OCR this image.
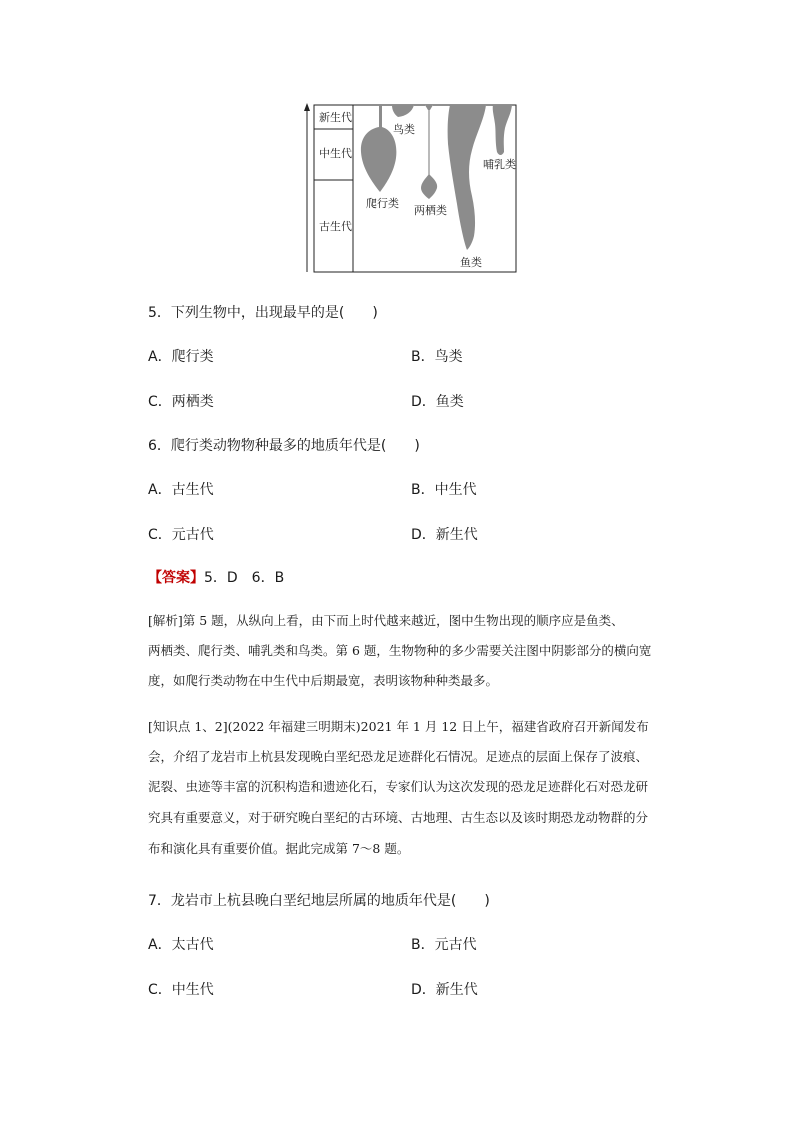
新生代
中生代
古生代
鸟类
爬行类
两栖类
哺乳类
鱼类
5．下列生物中，出现最早的是(　　)
A．爬行类	B．鸟类
C．两栖类	D．鱼类
6．爬行类动物物种最多的地质年代是(　　)
A．古生代	B．中生代
C．元古代	D．新生代
【答案】5．D　6．B
[解析]第 5 题，从纵向上看，由下而上时代越来越近，图中生物出现的顺序应是鱼类、
两栖类、爬行类、哺乳类和鸟类。第 6 题，生物物种的多少需要关注图中阴影部分的横向宽
度，如爬行类动物在中生代中后期最宽，表明该物种种类最多。
[知识点 1、2](2022 年福建三明期末)2021 年 1 月 12 日上午，福建省政府召开新闻发布
会，介绍了龙岩市上杭县发现晚白垩纪恐龙足迹群化石情况。足迹点的层面上保存了波痕、
泥裂、虫迹等丰富的沉积构造和遗迹化石，专家们认为这次发现的恐龙足迹群化石对恐龙研
究具有重要意义，对于研究晚白垩纪的古环境、古地理、古生态以及该时期恐龙动物群的分
布和演化具有重要价值。据此完成第 7～8 题。
7．龙岩市上杭县晚白垩纪地层所属的地质年代是(　　)
A．太古代	B．元古代
C．中生代	D．新生代
